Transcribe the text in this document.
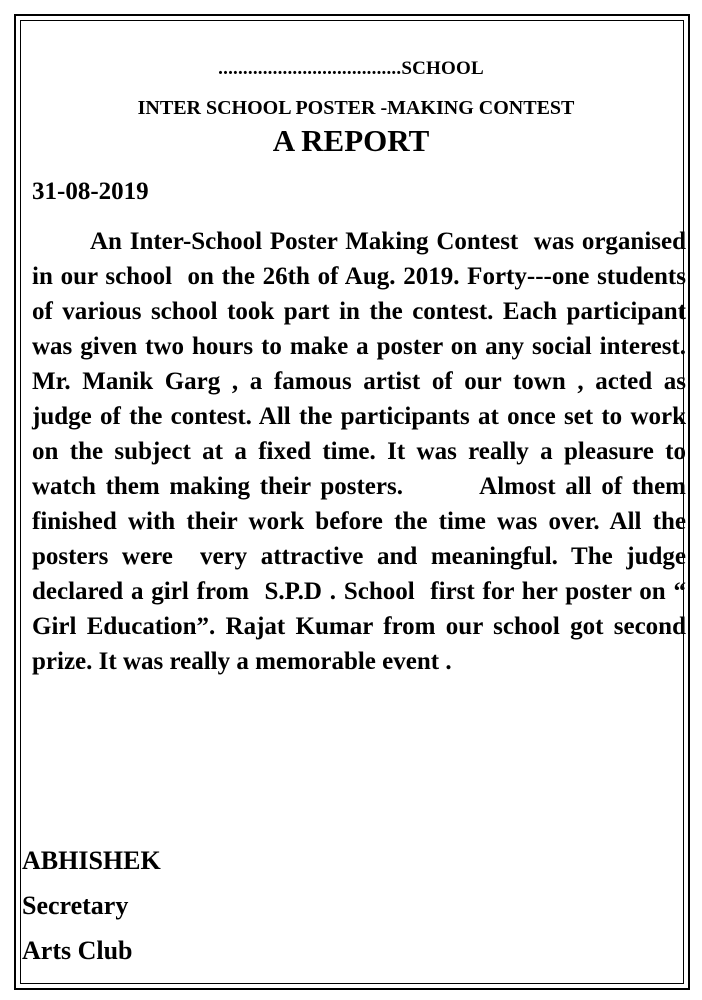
.....................................SCHOOL
INTER SCHOOL POSTER -MAKING CONTEST
A REPORT
31-08-2019

An Inter-School Poster Making Contest  was organised in our school  on the 26th of Aug. 2019. Forty---one students of various school took part in the contest. Each participant was given two hours to make a poster on any social interest. Mr. Manik Garg , a famous artist of our town , acted as judge of the contest. All the participants at once set to work on the subject at a fixed time. It was really a pleasure to watch them making their posters.        Almost all of them finished with their work before the time was over. All the posters were  very attractive and meaningful. The judge declared a girl from  S.P.D . School  first for her poster on “ Girl Education”. Rajat Kumar from our school got second prize. It was really a memorable event .

ABHISHEK
Secretary
Arts Club
